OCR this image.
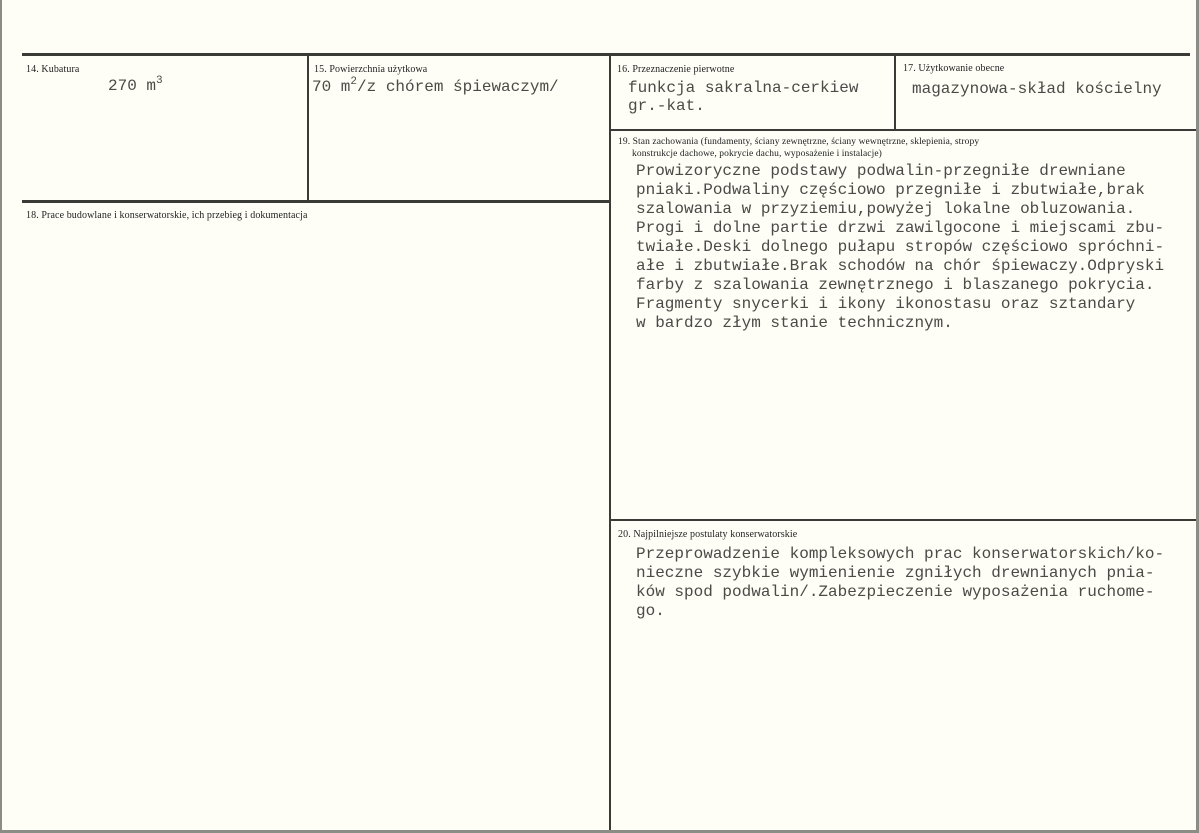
14. Kubatura
270 $m^3$
15. Powierzchnia użytkowa
70 $m^2/z$ chórem śpiewaczym/
16. Przeznaczenie pierwotne
funkcja sakralna-cerkiew
gr.-kat.
17. Użytkowanie obecne
magazynowa-skład kościelny
18. Prace budowlane i konserwatorskie, ich przebieg i dokumentacja
19. Stan zachowania (fundamenty, ściany zewnętrzne, ściany wewnętrzne, sklepienia, stropy
konstrukcje dachowe, pokrycie dachu, wyposażenie i instalacje)
Prowizoryczne podstawy podwalin-przegniłe drewniane
pniaki.Podwaliny częściowo przegniłe i zbutwiałe,brak
szalowania w przyziemiu,powyżej lokalne obluzowania.
Progi i dolne partie drzwi zawilgocone i miejscami zbu-
twiałe.Deski dolnego pułapu stropów częściowo spróchni-
ałe i zbutwiałe.Brak schodów na chór śpiewaczy.Odpryski
farby z szalowania zewnętrznego i blaszanego pokrycia.
Fragmenty snycerki i ikony ikonostasu oraz sztandary
w bardzo złym stanie technicznym.
20. Najpilniejsze postulaty konserwatorskie
Przeprowadzenie kompleksowych prac konserwatorskich/ko-
nieczne szybkie wymienienie zgniłych drewnianych pnia-
ków spod podwalin/.Zabezpieczenie wyposażenia ruchome-
go.
